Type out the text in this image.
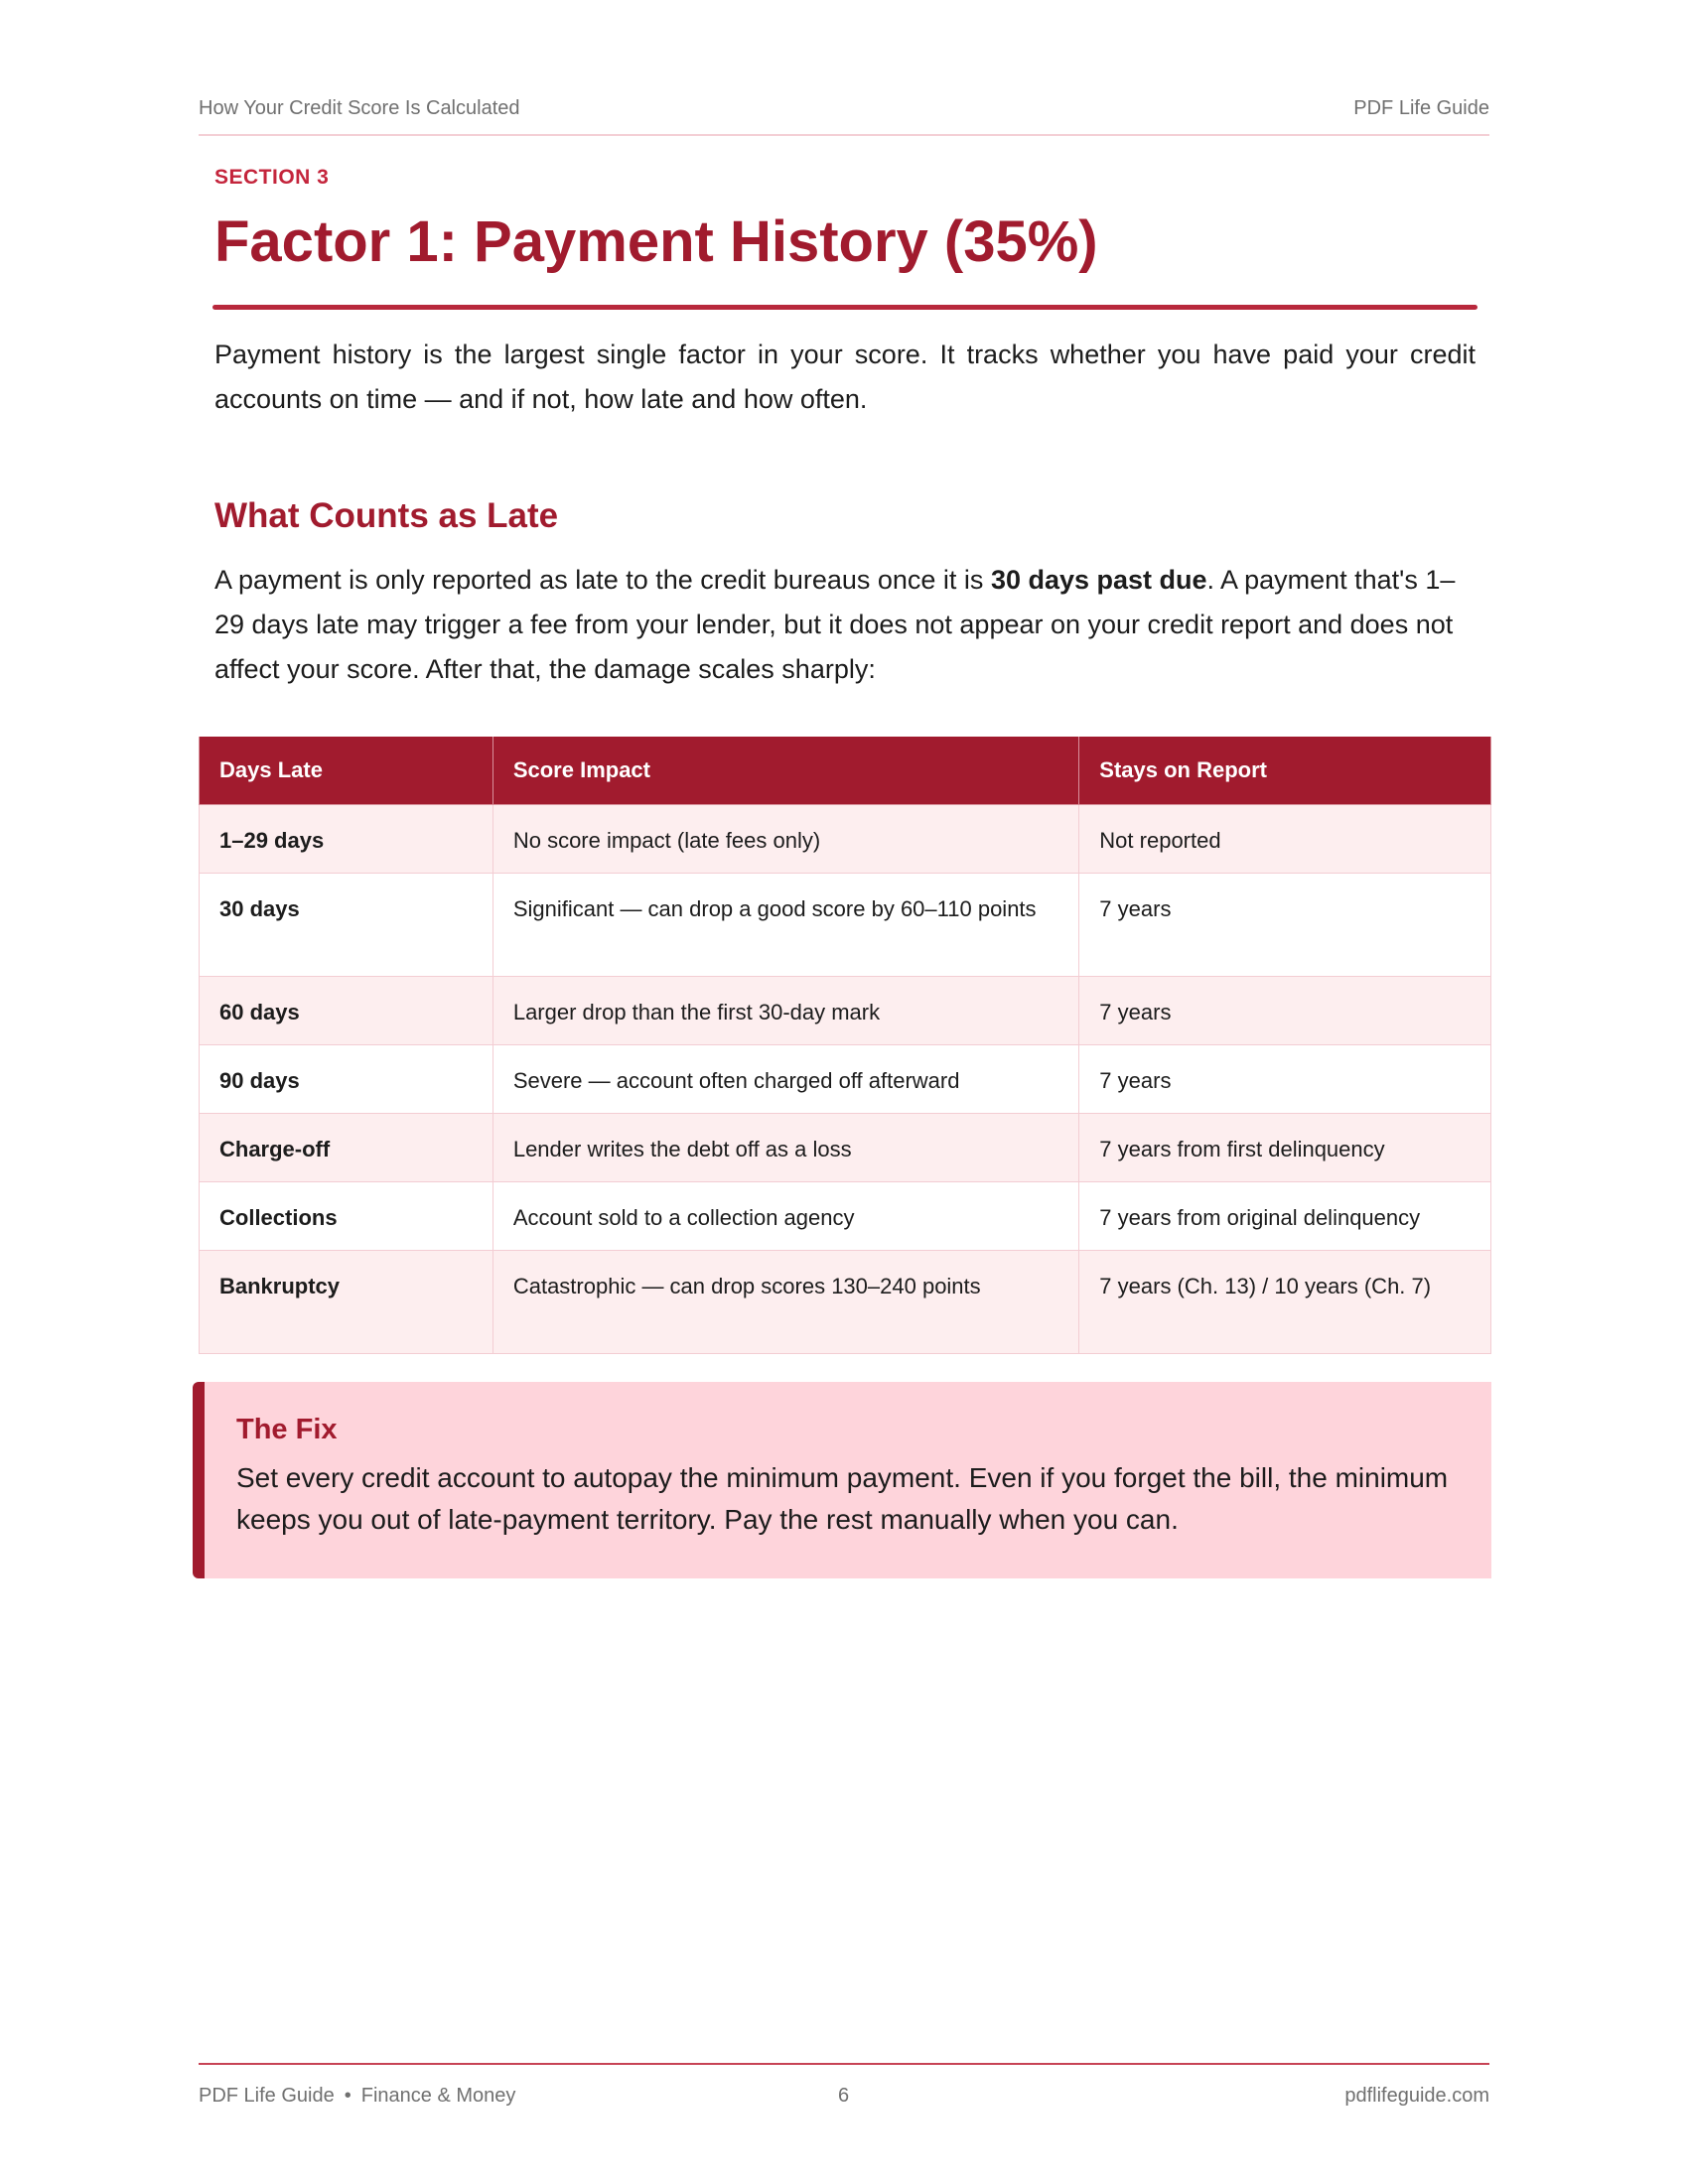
How Your Credit Score Is Calculated	PDF Life Guide
SECTION 3
Factor 1: Payment History (35%)

Payment history is the largest single factor in your score. It tracks whether you have paid your credit accounts on time — and if not, how late and how often.

What Counts as Late

A payment is only reported as late to the credit bureaus once it is 30 days past due. A payment that's 1–29 days late may trigger a fee from your lender, but it does not appear on your credit report and does not affect your score. After that, the damage scales sharply:

Days Late	Score Impact	Stays on Report
1–29 days	No score impact (late fees only)	Not reported
30 days	Significant — can drop a good score by 60–110 points	7 years
60 days	Larger drop than the first 30-day mark	7 years
90 days	Severe — account often charged off afterward	7 years
Charge-off	Lender writes the debt off as a loss	7 years from first delinquency
Collections	Account sold to a collection agency	7 years from original delinquency
Bankruptcy	Catastrophic — can drop scores 130–240 points	7 years (Ch. 13) / 10 years (Ch. 7)
The Fix

Set every credit account to autopay the minimum payment. Even if you forget the bill, the minimum keeps you out of late-payment territory. Pay the rest manually when you can.

PDF Life Guide • Finance & Money	6	pdflifeguide.com
